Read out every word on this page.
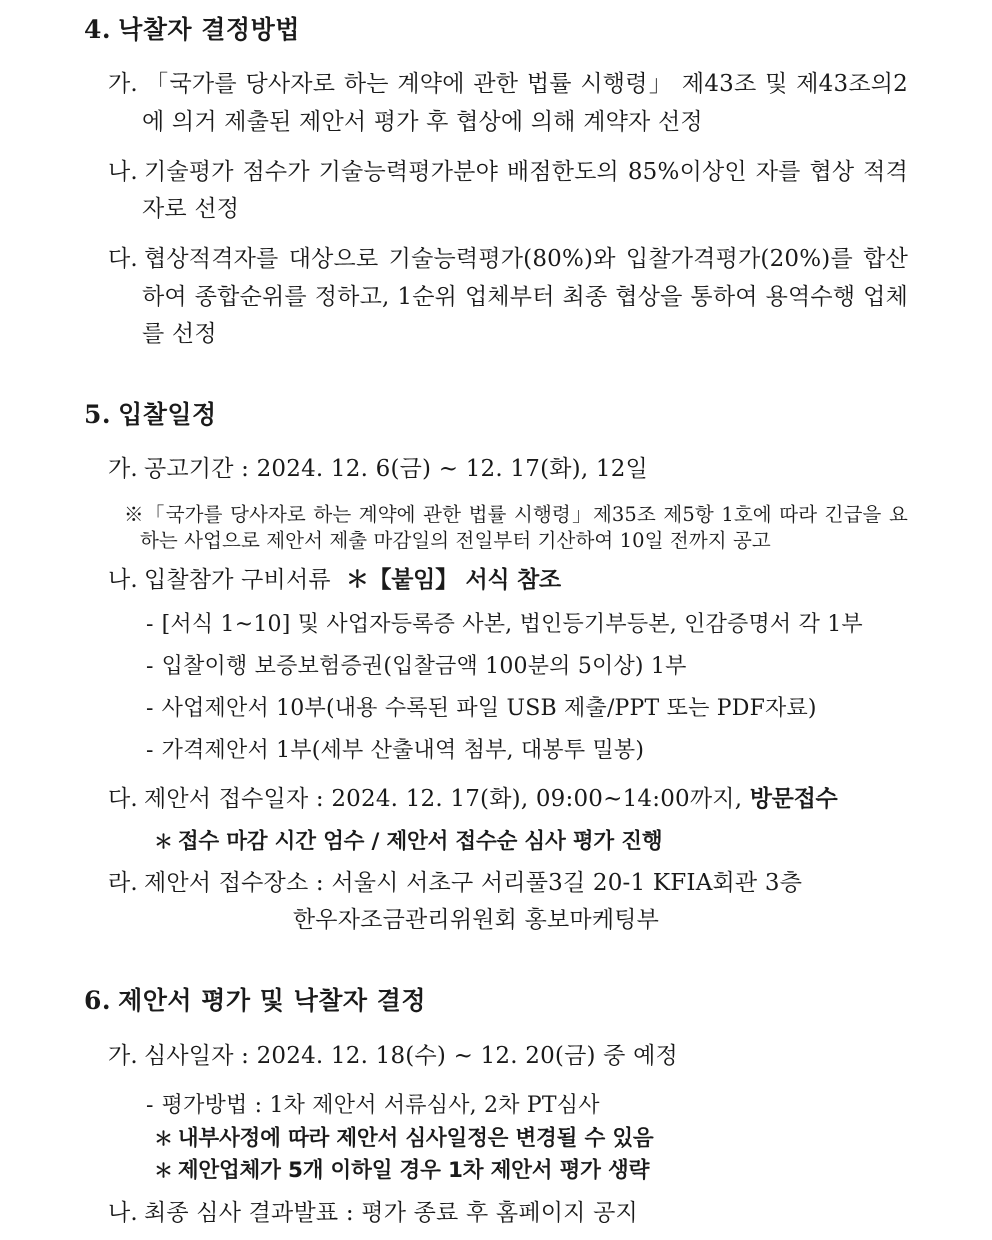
4. 낙찰자 결정방법

가. 「국가를 당사자로 하는 계약에 관한 법률 시행령」 제43조 및 제43조의2에 의거 제출된 제안서 평가 후 협상에 의해 계약자 선정

나. 기술평가 점수가 기술능력평가분야 배점한도의 85%이상인 자를 협상 적격자로 선정

다. 협상적격자를 대상으로 기술능력평가(80%)와 입찰가격평가(20%)를 합산하여 종합순위를 정하고, 1순위 업체부터 최종 협상을 통하여 용역수행 업체를 선정

5. 입찰일정

가. 공고기간 : 2024. 12. 6(금) ~ 12. 17(화), 12일

※「국가를 당사자로 하는 계약에 관한 법률 시행령」제35조 제5항 1호에 따라 긴급을 요하는 사업으로 제안서 제출 마감일의 전일부터 기산하여 10일 전까지 공고

나. 입찰참가 구비서류 ＊【붙임】 서식 참조

- [서식 1~10] 및 사업자등록증 사본, 법인등기부등본, 인감증명서 각 1부

- 입찰이행 보증보험증권(입찰금액 100분의 5이상) 1부

- 사업제안서 10부(내용 수록된 파일 USB 제출/PPT 또는 PDF자료)

- 가격제안서 1부(세부 산출내역 첨부, 대봉투 밀봉)

다. 제안서 접수일자 : 2024. 12. 17(화), 09:00~14:00까지, 방문접수

＊ 접수 마감 시간 엄수 / 제안서 접수순 심사 평가 진행

라. 제안서 접수장소 : 서울시 서초구 서리풀3길 20-1 KFIA회관 3층

한우자조금관리위원회 홍보마케팅부

6. 제안서 평가 및 낙찰자 결정

가. 심사일자 : 2024. 12. 18(수) ~ 12. 20(금) 중 예정

- 평가방법 : 1차 제안서 서류심사, 2차 PT심사

＊ 내부사정에 따라 제안서 심사일정은 변경될 수 있음

＊ 제안업체가 5개 이하일 경우 1차 제안서 평가 생략

나. 최종 심사 결과발표 : 평가 종료 후 홈페이지 공지
